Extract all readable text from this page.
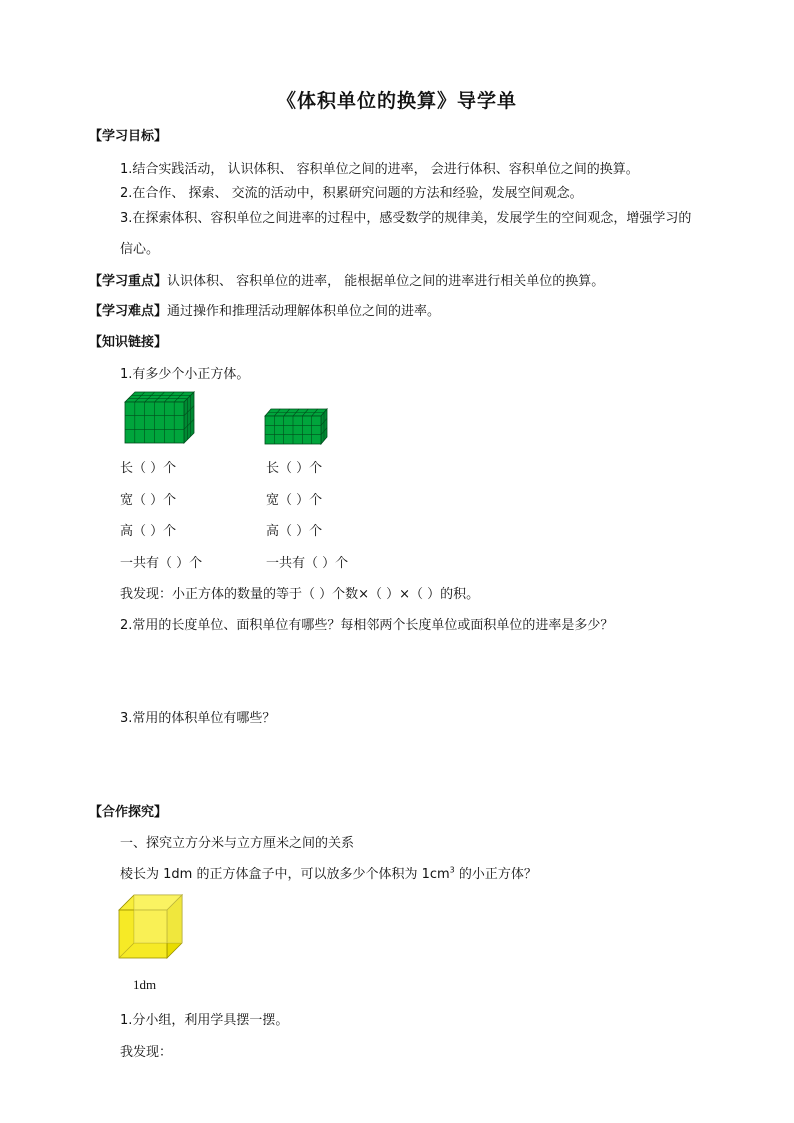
《体积单位的换算》导学单
【学习目标】
1.结合实践活动， 认识体积、 容积单位之间的进率， 会进行体积、容积单位之间的换算。
2.在合作、 探索、 交流的活动中，积累研究问题的方法和经验，发展空间观念。
3.在探索体积、容积单位之间进率的过程中，感受数学的规律美，发展学生的空间观念，增强学习的
信心。
【学习重点】认识体积、 容积单位的进率， 能根据单位之间的进率进行相关单位的换算。
【学习难点】通过操作和推理活动理解体积单位之间的进率。
【知识链接】
1.有多少个小正方体。
长（ ）个
宽（ ）个
高（ ）个
一共有（ ）个
长（ ）个
宽（ ）个
高（ ）个
一共有（ ）个
我发现：小正方体的数量的等于（ ）个数×（ ）×（ ）的积。
2.常用的长度单位、面积单位有哪些？每相邻两个长度单位或面积单位的进率是多少？
3.常用的体积单位有哪些？
【合作探究】
一、探究立方分米与立方厘米之间的关系
棱长为 1dm 的正方体盒子中，可以放多少个体积为 $1cm^3$ 的小正方体？
1dm
1.分小组，利用学具摆一摆。
我发现：
